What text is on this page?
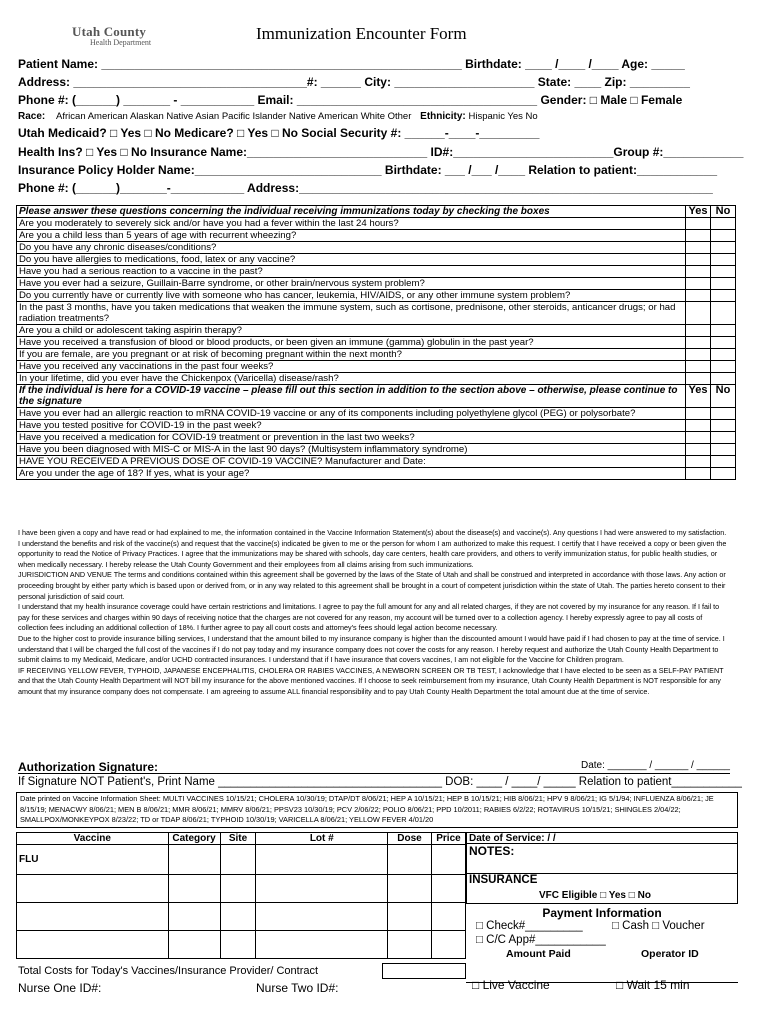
Utah County
Health Department	Immunization Encounter Form
Patient Name: ______________________________________________________ Birthdate: ____ /____ /____ Age: _____
Address: ___________________________________#: ______ City: _____________________ State: ____ Zip: _________
Phone #: (______) _______ - ___________ Email: ____________________________________ Gender: □ Male □ Female
Race: African American Alaskan Native Asian Pacific Islander Native American White Other Ethnicity: Hispanic Yes No
Utah Medicaid? □ Yes □ No Medicare? □ Yes □ No Social Security #: ______-____-_________
Health Ins? □ Yes □ No Insurance Name:___________________________ ID#:________________________Group #:____________
Insurance Policy Holder Name:____________________________ Birthdate: ___ /___ /____ Relation to patient:____________
Phone #: (______)_______-___________ Address:______________________________________________________________
Please answer these questions concerning the individual receiving immunizations today by checking the boxes	Yes	No
Are you moderately to severely sick and/or have you had a fever within the last 24 hours?		
Are you a child less than 5 years of age with recurrent wheezing?		
Do you have any chronic diseases/conditions?		
Do you have allergies to medications, food, latex or any vaccine?		
Have you had a serious reaction to a vaccine in the past?		
Have you ever had a seizure, Guillain-Barre syndrome, or other brain/nervous system problem?		
Do you currently have or currently live with someone who has cancer, leukemia, HIV/AIDS, or any other immune system problem?		
In the past 3 months, have you taken medications that weaken the immune system, such as cortisone, prednisone, other steroids, anticancer drugs; or had radiation treatments?		
Are you a child or adolescent taking aspirin therapy?		
Have you received a transfusion of blood or blood products, or been given an immune (gamma) globulin in the past year?		
If you are female, are you pregnant or at risk of becoming pregnant within the next month?		
Have you received any vaccinations in the past four weeks?		
In your lifetime, did you ever have the Chickenpox (Varicella) disease/rash?		
If the individual is here for a COVID-19 vaccine – please fill out this section in addition to the section above – otherwise, please continue to the signature	Yes	No
Have you ever had an allergic reaction to mRNA COVID-19 vaccine or any of its components including polyethylene glycol (PEG) or polysorbate?		
Have you tested positive for COVID-19 in the past week?		
Have you received a medication for COVID-19 treatment or prevention in the last two weeks?		
Have you been diagnosed with MIS-C or MIS-A in the last 90 days? (Multisystem inflammatory syndrome)		
HAVE YOU RECEIVED A PREVIOUS DOSE OF COVID-19 VACCINE? Manufacturer and Date:		
Are you under the age of 18? If yes, what is your age?		

I have been given a copy and have read or had explained to me, the information contained in the Vaccine Information Statement(s) about the disease(s) and vaccine(s). Any questions I had were answered to my satisfaction. I understand the benefits and risk of the vaccine(s) and request that the vaccine(s) indicated be given to me or the person for whom I am authorized to make this request. I certify that I have received a copy or been given the opportunity to read the Notice of Privacy Practices. I agree that the immunizations may be shared with schools, day care centers, health care providers, and others to verify immunization status, for public health studies, or when medically necessary. I hereby release the Utah County Government and their employees from all claims arising from such immunizations.

JURISDICTION AND VENUE The terms and conditions contained within this agreement shall be governed by the laws of the State of Utah and shall be construed and interpreted in accordance with those laws. Any action or proceeding brought by either party which is based upon or derived from, or in any way related to this agreement shall be brought in a court of competent jurisdiction within the state of Utah. The parties hereto consent to their personal jurisdiction of said court.

I understand that my health insurance coverage could have certain restrictions and limitations. I agree to pay the full amount for any and all related charges, if they are not covered by my insurance for any reason. If I fail to pay for these services and charges within 90 days of receiving notice that the charges are not covered for any reason, my account will be turned over to a collection agency. I hereby expressly agree to pay all costs of collection fees including an additional collection of 18%. I further agree to pay all court costs and attorney's fees should legal action become necessary.

Due to the higher cost to provide insurance billing services, I understand that the amount billed to my insurance company is higher than the discounted amount I would have paid if I had chosen to pay at the time of service. I understand that I will be charged the full cost of the vaccines if I do not pay today and my insurance company does not cover the costs for any reason. I hereby request and authorize the Utah County Health Department to submit claims to my Medicaid, Medicare, and/or UCHD contracted insurances. I understand that if I have insurance that covers vaccines, I am not eligible for the Vaccine for Children program.

IF RECEIVING YELLOW FEVER, TYPHOID, JAPANESE ENCEPHALITIS, CHOLERA OR RABIES VACCINES, A NEWBORN SCREEN OR TB TEST, I acknowledge that I have elected to be seen as a SELF-PAY PATIENT and that the Utah County Health Department will NOT bill my insurance for the above mentioned vaccines. If I choose to seek reimbursement from my insurance, Utah County Health Department is NOT responsible for any amount that my insurance company does not compensate. I am agreeing to assume ALL financial responsibility and to pay Utah County Health Department the total amount due at the time of service.

Authorization Signature:	Date: _______ / ______ / ______
If Signature NOT Patient's, Print Name ___________________________________ DOB: ____ / ____/ _____ Relation to patient___________
Date printed on Vaccine Information Sheet: MULTI VACCINES 10/15/21; CHOLERA 10/30/19; DTAP/DT 8/06/21; HEP A 10/15/21; HEP B 10/15/21; HIB 8/06/21; HPV 9 8/06/21; IG 5/1/94; INFLUENZA 8/06/21; JE 8/15/19; MENACWY 8/06/21; MEN B 8/06/21; MMR 8/06/21; MMRV 8/06/21; PPSV23 10/30/19; PCV 2/06/22; POLIO 8/06/21; PPD 10/2011; RABIES 6/2/22; ROTAVIRUS 10/15/21; SHINGLES 2/04/22; SMALLPOX/MONKEYPOX 8/23/22; TD or TDAP 8/06/21; TYPHOID 10/30/19; VARICELLA 8/06/21; YELLOW FEVER 4/01/20
Vaccine	Category	Site	Lot #	Dose	Price
FLU					

Total Costs for Today's Vaccines/Insurance Provider/ Contract
Nurse One ID#:	Nurse Two ID#:
Date of Service: / /
NOTES:
INSURANCE
VFC Eligible □ Yes □ No
Payment Information
□ Check#_________	□ Cash □ Voucher
□ C/C App#___________
Amount Paid	Operator ID
□ Live Vaccine	□ Wait 15 min
